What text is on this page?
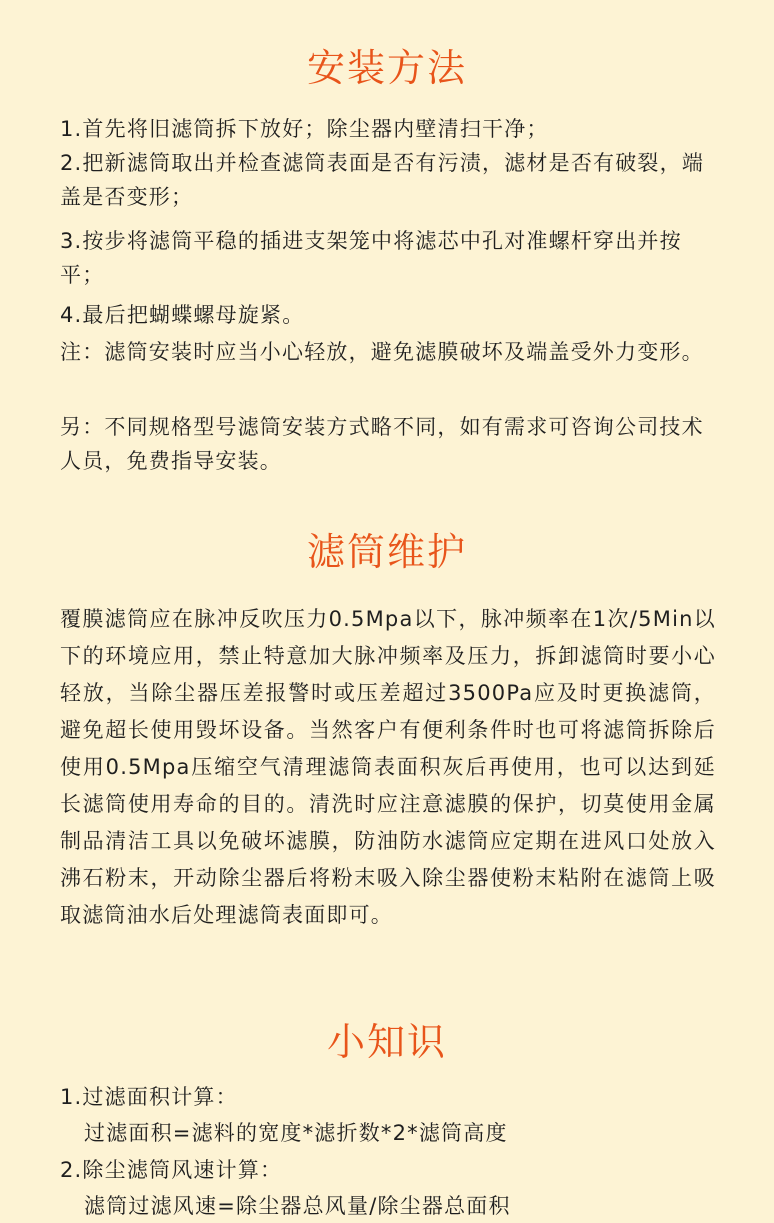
安装方法

1.首先将旧滤筒拆下放好；除尘器内壁清扫干净；

2.把新滤筒取出并检查滤筒表面是否有污渍，滤材是否有破裂，端盖是否变形；

3.按步将滤筒平稳的插进支架笼中将滤芯中孔对准螺杆穿出并按平；

4.最后把蝴蝶螺母旋紧。

注：滤筒安装时应当小心轻放，避免滤膜破坏及端盖受外力变形。

另：不同规格型号滤筒安装方式略不同，如有需求可咨询公司技术人员，免费指导安装。

滤筒维护

覆膜滤筒应在脉冲反吹压力0.5Mpa以下，脉冲频率在1次/5Min以下的环境应用，禁止特意加大脉冲频率及压力，拆卸滤筒时要小心轻放，当除尘器压差报警时或压差超过3500Pa应及时更换滤筒，避免超长使用毁坏设备。当然客户有便利条件时也可将滤筒拆除后使用0.5Mpa压缩空气清理滤筒表面积灰后再使用，也可以达到延长滤筒使用寿命的目的。清洗时应注意滤膜的保护，切莫使用金属制品清洁工具以免破坏滤膜，防油防水滤筒应定期在进风口处放入沸石粉末，开动除尘器后将粉末吸入除尘器使粉末粘附在滤筒上吸取滤筒油水后处理滤筒表面即可。

小知识

1.过滤面积计算：

过滤面积=滤料的宽度*滤折数*2*滤筒高度

2.除尘滤筒风速计算：

滤筒过滤风速=除尘器总风量/除尘器总面积
